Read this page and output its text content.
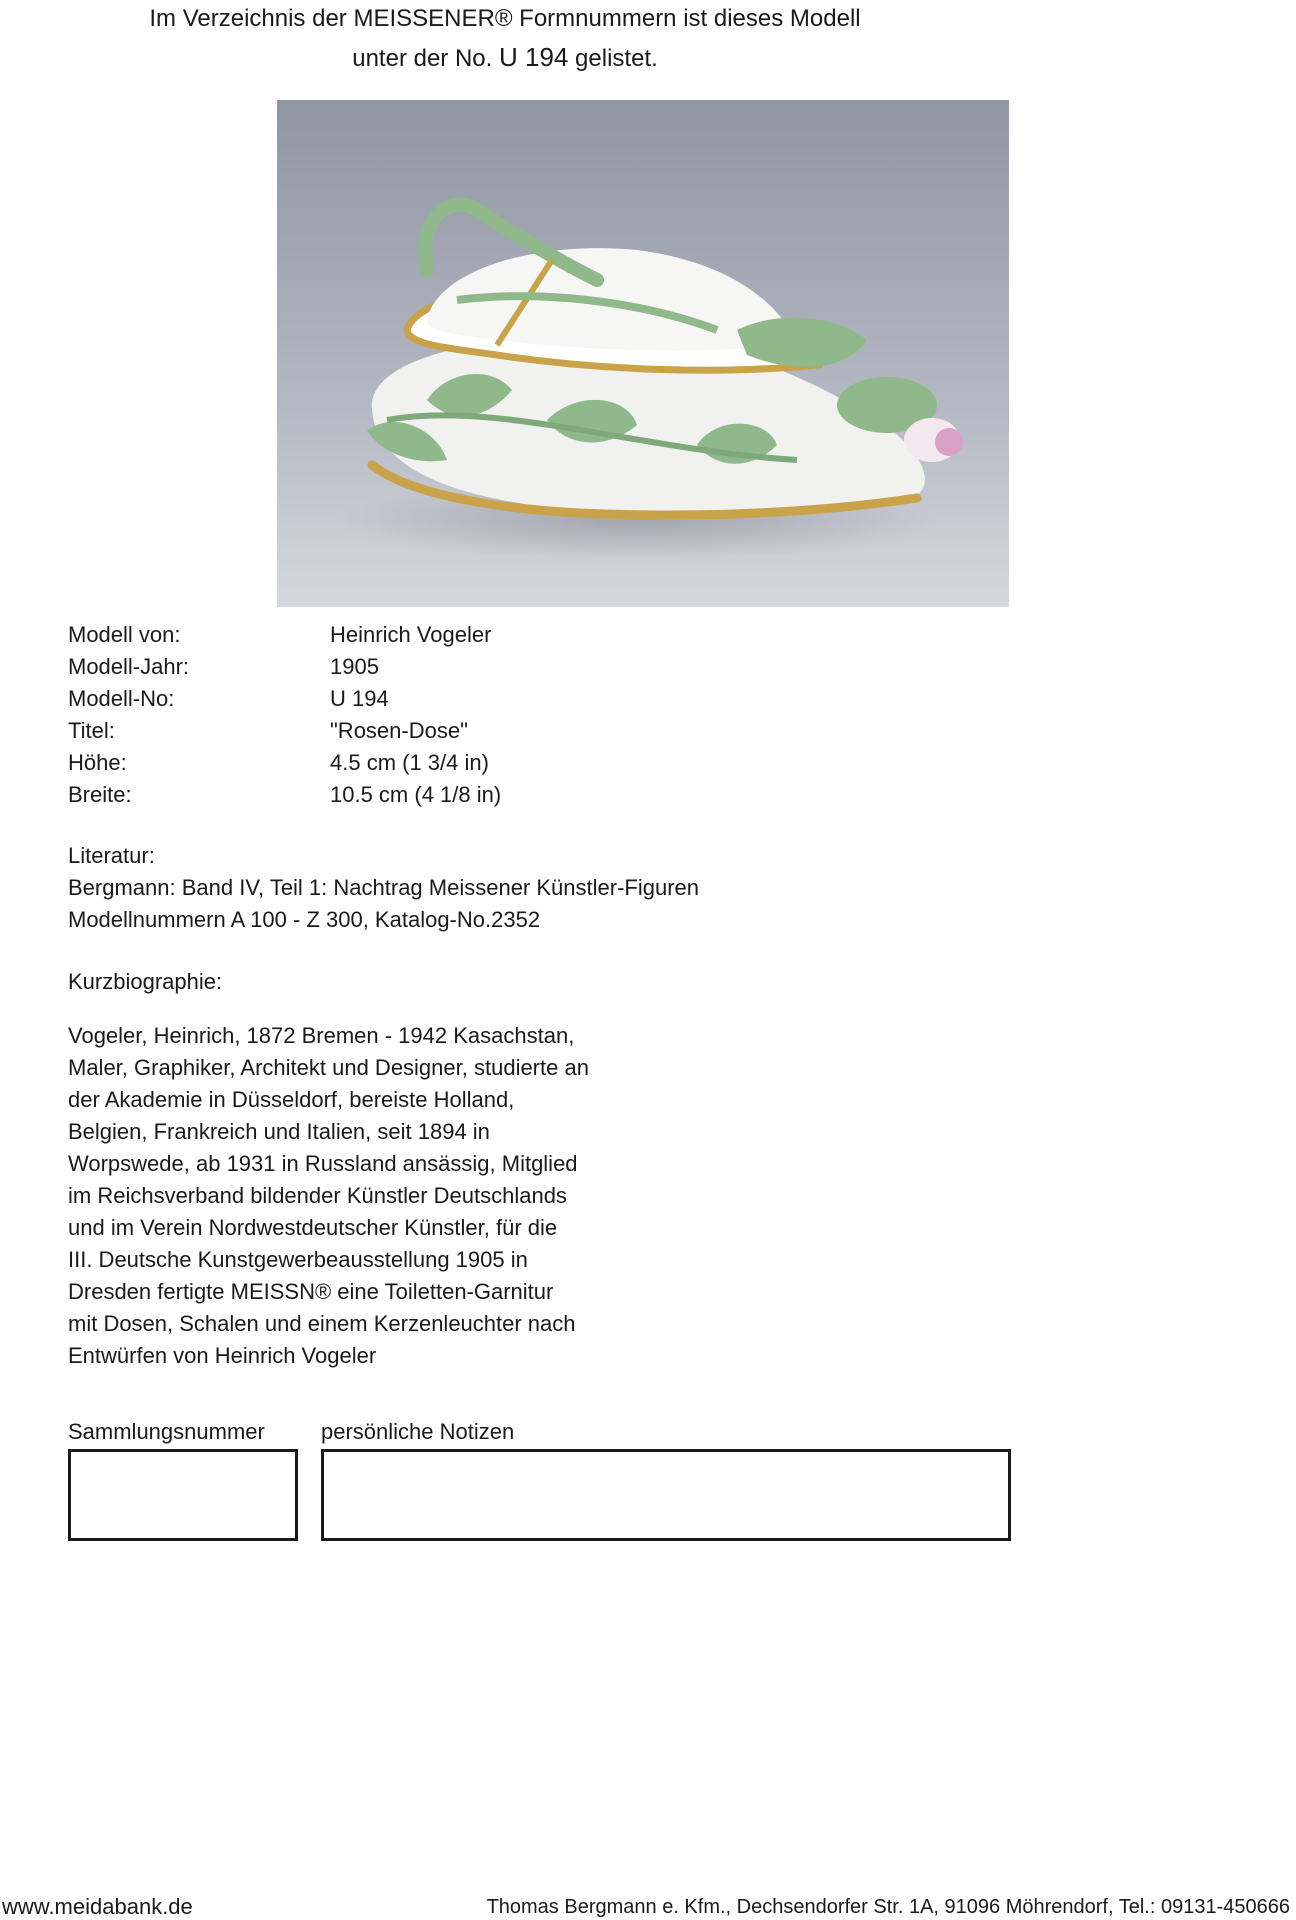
Im Verzeichnis der MEISSENER® Formnummern ist dieses Modell
unter der No. U 194 gelistet.
Modell von:	Heinrich Vogeler
Modell-Jahr:	1905
Modell-No:	U 194
Titel:	"Rosen-Dose"
Höhe:	4.5 cm (1 3/4 in)
Breite:	10.5 cm (4 1/8 in)
Literatur:
Bergmann: Band IV, Teil 1: Nachtrag Meissener Künstler-Figuren
Modellnummern A 100 - Z 300, Katalog-No.2352
Kurzbiographie:
Vogeler, Heinrich, 1872 Bremen - 1942 Kasachstan,
Maler, Graphiker, Architekt und Designer, studierte an
der Akademie in Düsseldorf, bereiste Holland,
Belgien, Frankreich und Italien, seit 1894 in
Worpswede, ab 1931 in Russland ansässig, Mitglied
im Reichsverband bildender Künstler Deutschlands
und im Verein Nordwestdeutscher Künstler, für die
III. Deutsche Kunstgewerbeausstellung 1905 in
Dresden fertigte MEISSN® eine Toiletten-Garnitur
mit Dosen, Schalen und einem Kerzenleuchter nach
Entwürfen von Heinrich Vogeler
Sammlungsnummer	persönliche Notizen
www.meidabank.de	Thomas Bergmann e. Kfm., Dechsendorfer Str. 1A, 91096 Möhrendorf, Tel.: 09131-450666
